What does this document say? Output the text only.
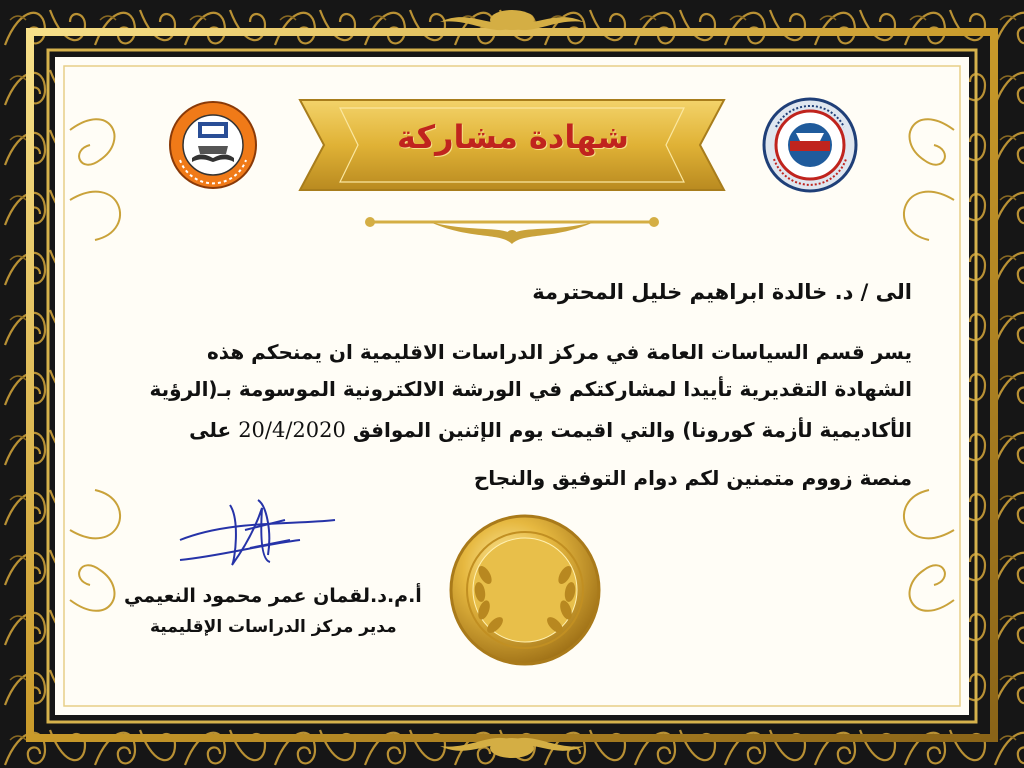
شهادة مشاركة
الى / د. خالدة ابراهيم خليل المحترمة
يسر قسم السياسات العامة في مركز الدراسات الاقليمية ان يمنحكم هذه
الشهادة التقديرية تأييدا لمشاركتكم في الورشة الالكترونية الموسومة بـ(الرؤية
الأكاديمية لأزمة كورونا) والتي اقيمت يوم الإثنين الموافق 20/4/2020 على
منصة زووم متمنين لكم دوام التوفيق والنجاح
أ.م.د.لقمان عمر محمود النعيمي
مدير مركز الدراسات الإقليمية
